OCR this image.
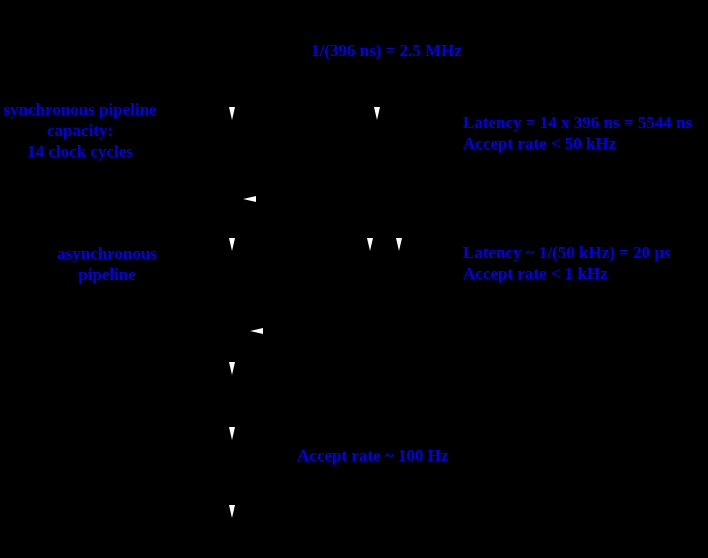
1/(396 ns) = 2.5 MHz
synchronous pipeline
capacity:
14 clock cycles
Latency = 14 x 396 ns = 5544 ns
Accept rate < 50 kHz
asynchronous
pipeline
Latency ~ 1/(50 kHz) = 20 µs
Accept rate < 1 kHz
Accept rate ~ 100 Hz
